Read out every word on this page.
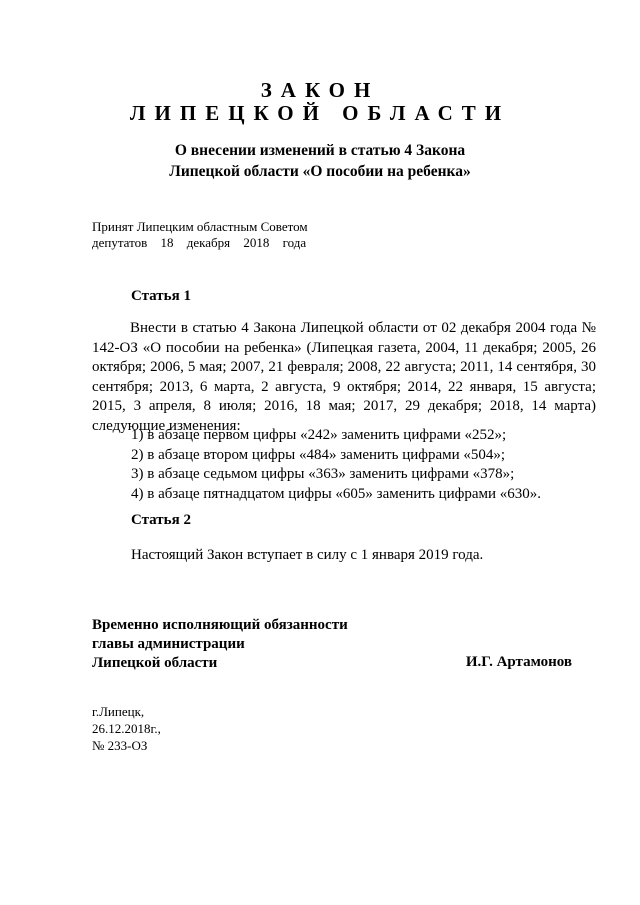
ЗАКОН
ЛИПЕЦКОЙ ОБЛАСТИ
О внесении изменений в статью 4 Закона
Липецкой области «О пособии на ребенка»
Принят Липецким областным Советом
депутатов 18 декабря 2018 года
Статья 1

Внести в статью 4 Закона Липецкой области от 02 декабря 2004 года № 142-ОЗ «О пособии на ребенка» (Липецкая газета, 2004, 11 декабря; 2005, 26 октября; 2006, 5 мая; 2007, 21 февраля; 2008, 22 августа; 2011, 14 сентября, 30 сентября; 2013, 6 марта, 2 августа, 9 октября; 2014, 22 января, 15 августа; 2015, 3 апреля, 8 июля; 2016, 18 мая; 2017, 29 декабря; 2018, 14 марта) следующие изменения:

1) в абзаце первом цифры «242» заменить цифрами «252»;
2) в абзаце втором цифры «484» заменить цифрами «504»;
3) в абзаце седьмом цифры «363» заменить цифрами «378»;
4) в абзаце пятнадцатом цифры «605» заменить цифрами «630».
Статья 2
Настоящий Закон вступает в силу с 1 января 2019 года.
Временно исполняющий обязанности
главы администрации
Липецкой области	И.Г. Артамонов
г.Липецк,
26.12.2018г.,
№ 233-ОЗ
